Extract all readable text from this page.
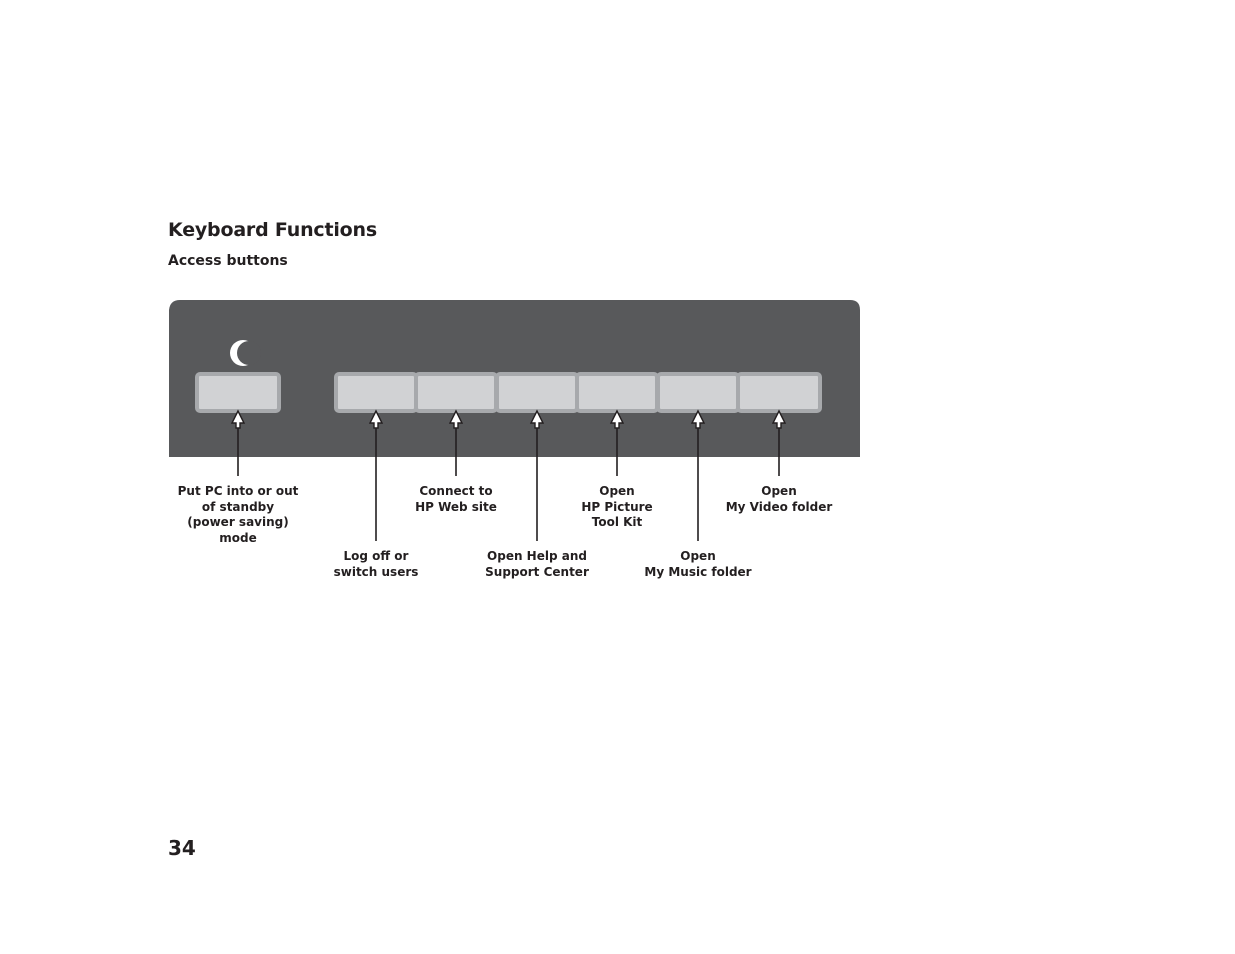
Keyboard Functions
Access buttons
Put PC into or out
of standby
(power saving)
mode
Log off or
switch users
Connect to
HP Web site
Open Help and
Support Center
Open
HP Picture
Tool Kit
Open
My Music folder
Open
My Video folder

34
